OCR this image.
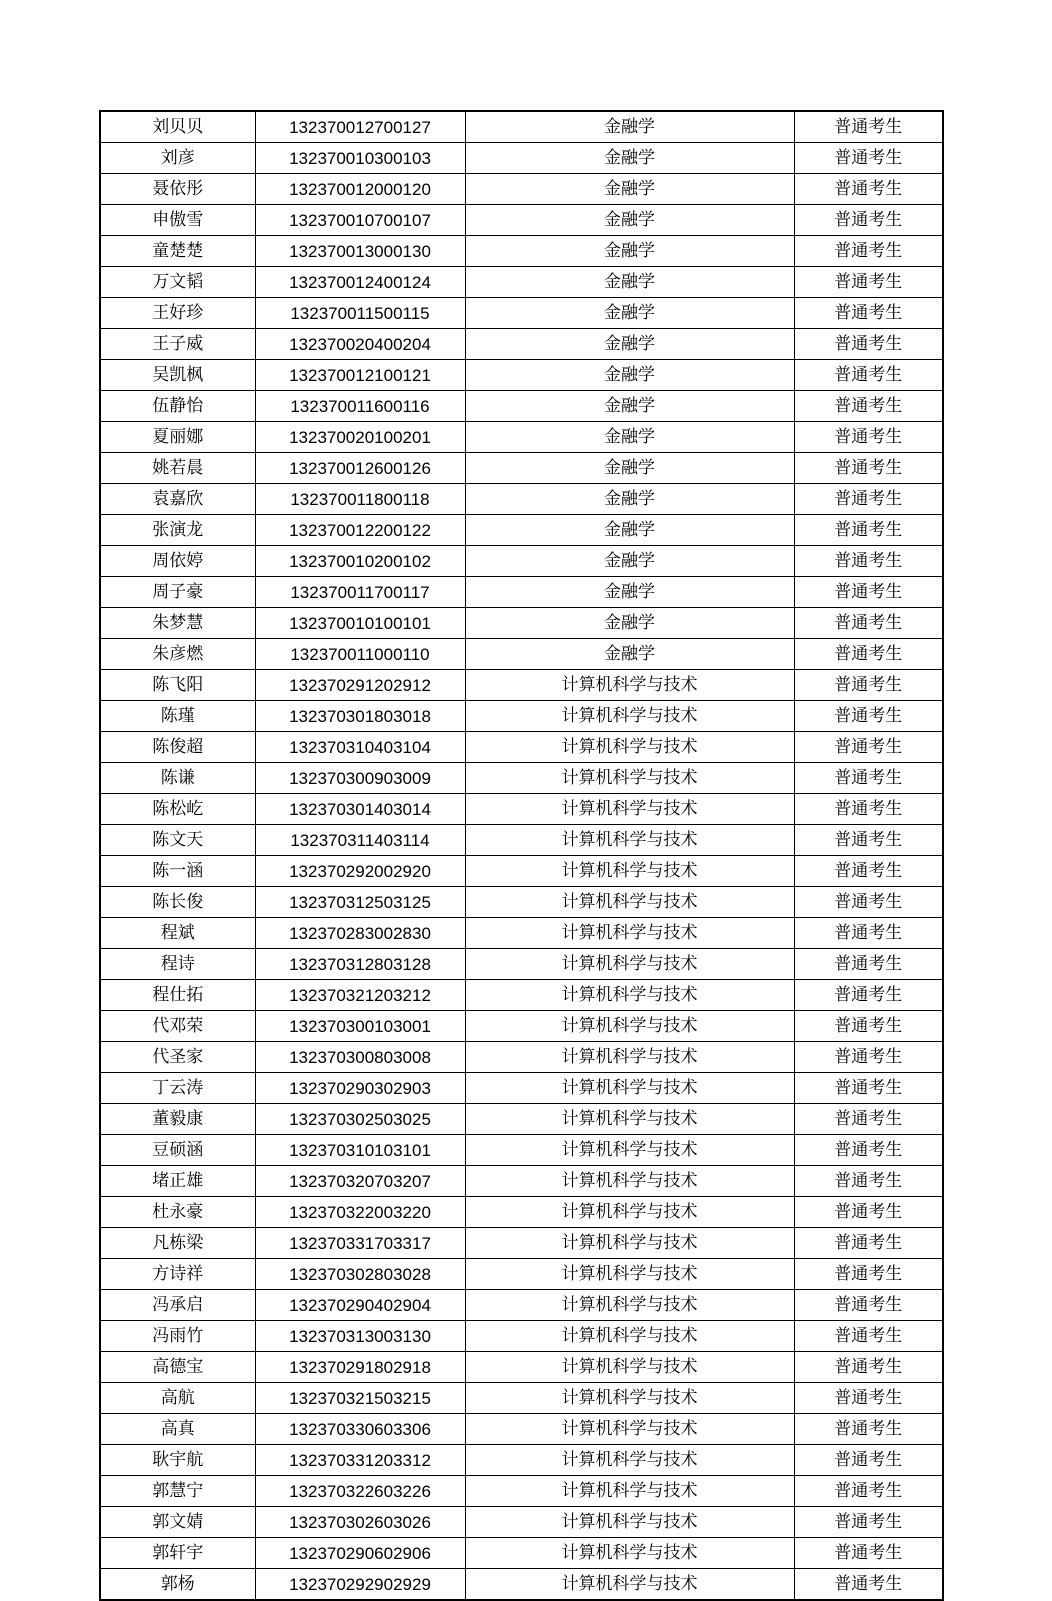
刘贝贝	132370012700127	金融学	普通考生
刘彦	132370010300103	金融学	普通考生
聂依彤	132370012000120	金融学	普通考生
申傲雪	132370010700107	金融学	普通考生
童楚楚	132370013000130	金融学	普通考生
万文韬	132370012400124	金融学	普通考生
王好珍	132370011500115	金融学	普通考生
王子威	132370020400204	金融学	普通考生
吴凯枫	132370012100121	金融学	普通考生
伍静怡	132370011600116	金融学	普通考生
夏丽娜	132370020100201	金融学	普通考生
姚若晨	132370012600126	金融学	普通考生
袁嘉欣	132370011800118	金融学	普通考生
张演龙	132370012200122	金融学	普通考生
周依婷	132370010200102	金融学	普通考生
周子豪	132370011700117	金融学	普通考生
朱梦慧	132370010100101	金融学	普通考生
朱彦燃	132370011000110	金融学	普通考生
陈飞阳	132370291202912	计算机科学与技术	普通考生
陈瑾	132370301803018	计算机科学与技术	普通考生
陈俊超	132370310403104	计算机科学与技术	普通考生
陈谦	132370300903009	计算机科学与技术	普通考生
陈松屹	132370301403014	计算机科学与技术	普通考生
陈文天	132370311403114	计算机科学与技术	普通考生
陈一涵	132370292002920	计算机科学与技术	普通考生
陈长俊	132370312503125	计算机科学与技术	普通考生
程斌	132370283002830	计算机科学与技术	普通考生
程诗	132370312803128	计算机科学与技术	普通考生
程仕拓	132370321203212	计算机科学与技术	普通考生
代邓荣	132370300103001	计算机科学与技术	普通考生
代圣家	132370300803008	计算机科学与技术	普通考生
丁云涛	132370290302903	计算机科学与技术	普通考生
董毅康	132370302503025	计算机科学与技术	普通考生
豆硕涵	132370310103101	计算机科学与技术	普通考生
堵正雄	132370320703207	计算机科学与技术	普通考生
杜永豪	132370322003220	计算机科学与技术	普通考生
凡栋梁	132370331703317	计算机科学与技术	普通考生
方诗祥	132370302803028	计算机科学与技术	普通考生
冯承启	132370290402904	计算机科学与技术	普通考生
冯雨竹	132370313003130	计算机科学与技术	普通考生
高德宝	132370291802918	计算机科学与技术	普通考生
高航	132370321503215	计算机科学与技术	普通考生
高真	132370330603306	计算机科学与技术	普通考生
耿宇航	132370331203312	计算机科学与技术	普通考生
郭慧宁	132370322603226	计算机科学与技术	普通考生
郭文婧	132370302603026	计算机科学与技术	普通考生
郭轩宇	132370290602906	计算机科学与技术	普通考生
郭杨	132370292902929	计算机科学与技术	普通考生
